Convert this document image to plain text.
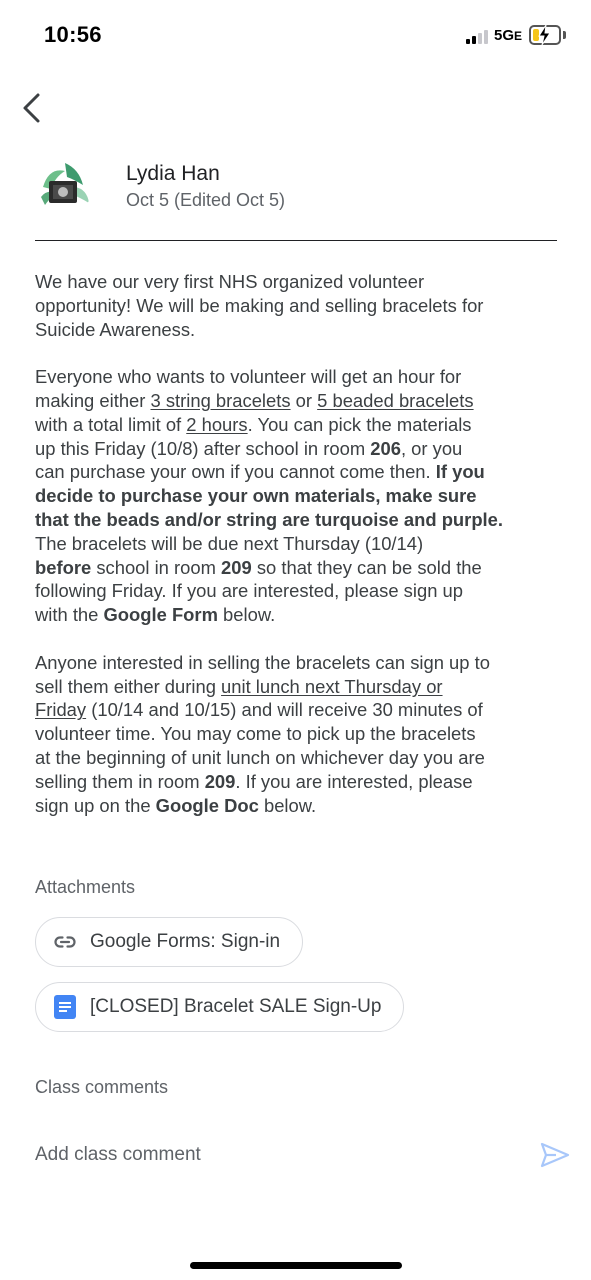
10:56	5GE
Lydia Han
Oct 5 (Edited Oct 5)
We have our very first NHS organized volunteer
opportunity! We will be making and selling bracelets for
Suicide Awareness.
Everyone who wants to volunteer will get an hour for
making either 3 string bracelets or 5 beaded bracelets
with a total limit of 2 hours. You can pick the materials
up this Friday (10/8) after school in room 206, or you
can purchase your own if you cannot come then. If you
decide to purchase your own materials, make sure
that the beads and/or string are turquoise and purple.
The bracelets will be due next Thursday (10/14)
before school in room 209 so that they can be sold the
following Friday. If you are interested, please sign up
with the Google Form below.
Anyone interested in selling the bracelets can sign up to
sell them either during unit lunch next Thursday or
Friday (10/14 and 10/15) and will receive 30 minutes of
volunteer time. You may come to pick up the bracelets
at the beginning of unit lunch on whichever day you are
selling them in room 209. If you are interested, please
sign up on the Google Doc below.
Attachments
Google Forms: Sign-in
[CLOSED] Bracelet SALE Sign-Up
Class comments
Add class comment
